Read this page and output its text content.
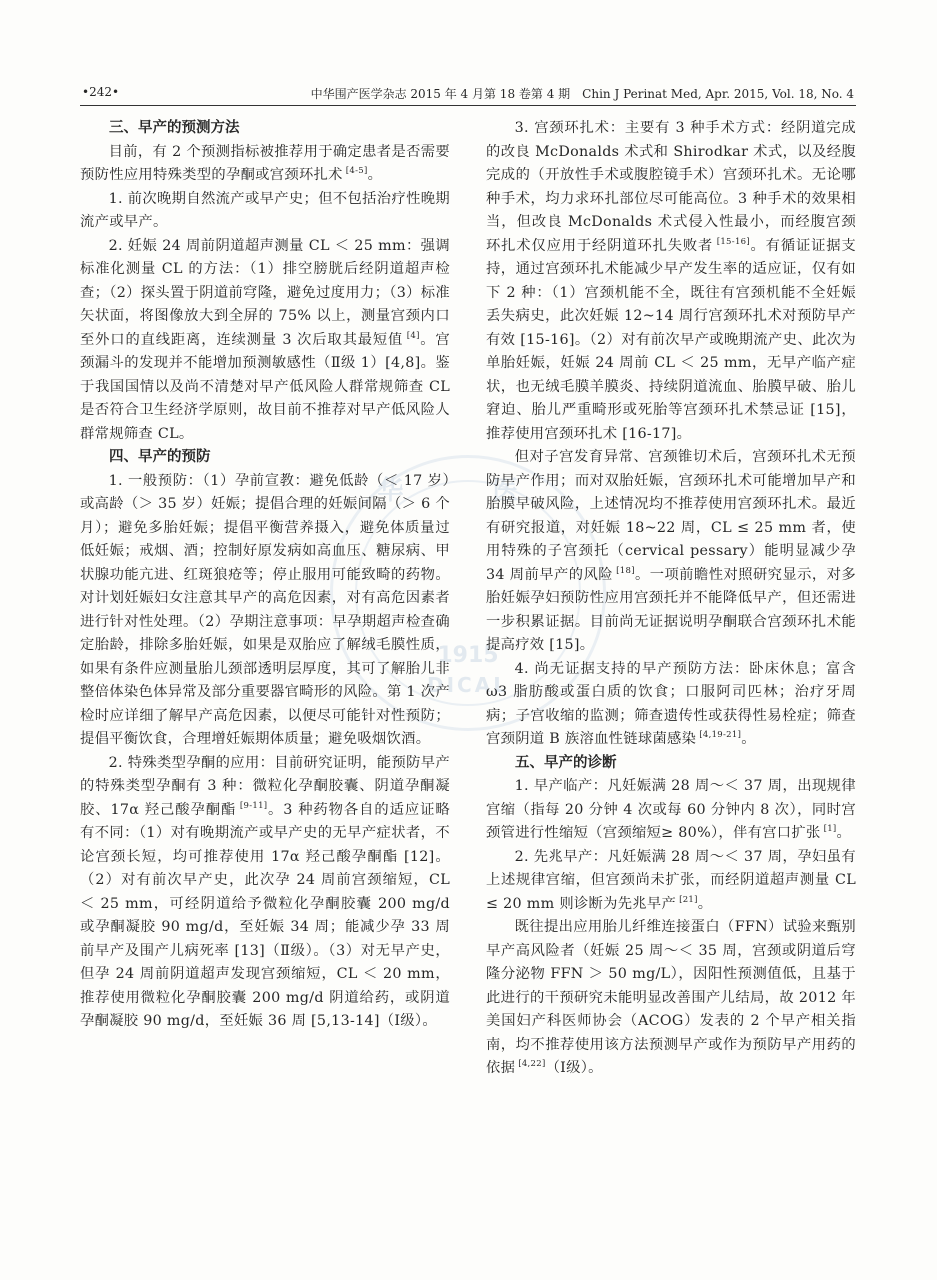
华 医
1915
DICAL
•242•	中华围产医学杂志 2015 年 4 月第 18 卷第 4 期　Chin J Perinat Med, Apr. 2015, Vol. 18, No. 4
三、早产的预测方法

目前，有 2 个预测指标被推荐用于确定患者是否需要预防性应用特殊类型的孕酮或宫颈环扎术 [4-5]。

1. 前次晚期自然流产或早产史；但不包括治疗性晚期流产或早产。

2. 妊娠 24 周前阴道超声测量 CL ＜ 25 mm：强调标准化测量 CL 的方法：（1）排空膀胱后经阴道超声检查；（2）探头置于阴道前穹隆，避免过度用力；（3）标准矢状面，将图像放大到全屏的 75% 以上，测量宫颈内口至外口的直线距离，连续测量 3 次后取其最短值 [4]。宫颈漏斗的发现并不能增加预测敏感性（Ⅱ级 1）[4,8]。鉴于我国国情以及尚不清楚对早产低风险人群常规筛查 CL 是否符合卫生经济学原则，故目前不推荐对早产低风险人群常规筛查 CL。

四、早产的预防

1. 一般预防：（1）孕前宣教：避免低龄（＜ 17 岁）或高龄（＞ 35 岁）妊娠；提倡合理的妊娠间隔（＞ 6 个月）；避免多胎妊娠；提倡平衡营养摄入，避免体质量过低妊娠；戒烟、酒；控制好原发病如高血压、糖尿病、甲状腺功能亢进、红斑狼疮等；停止服用可能致畸的药物。对计划妊娠妇女注意其早产的高危因素，对有高危因素者进行针对性处理。（2）孕期注意事项：早孕期超声检查确定胎龄，排除多胎妊娠，如果是双胎应了解绒毛膜性质，如果有条件应测量胎儿颈部透明层厚度，其可了解胎儿非整倍体染色体异常及部分重要器官畸形的风险。第 1 次产检时应详细了解早产高危因素，以便尽可能针对性预防；提倡平衡饮食，合理增妊娠期体质量；避免吸烟饮酒。

2. 特殊类型孕酮的应用：目前研究证明，能预防早产的特殊类型孕酮有 3 种：微粒化孕酮胶囊、阴道孕酮凝胶、17α 羟己酸孕酮酯 [9-11]。3 种药物各自的适应证略有不同：（1）对有晚期流产或早产史的无早产症状者，不论宫颈长短，均可推荐使用 17α 羟己酸孕酮酯 [12]。（2）对有前次早产史，此次孕 24 周前宫颈缩短，CL ＜ 25 mm，可经阴道给予微粒化孕酮胶囊 200 mg/d 或孕酮凝胶 90 mg/d，至妊娠 34 周；能减少孕 33 周前早产及围产儿病死率 [13]（Ⅱ级）。（3）对无早产史，但孕 24 周前阴道超声发现宫颈缩短，CL ＜ 20 mm，推荐使用微粒化孕酮胶囊 200 mg/d 阴道给药，或阴道孕酮凝胶 90 mg/d，至妊娠 36 周 [5,13-14]（Ⅰ级）。

3. 宫颈环扎术：主要有 3 种手术方式：经阴道完成的改良 McDonalds 术式和 Shirodkar 术式，以及经腹完成的（开放性手术或腹腔镜手术）宫颈环扎术。无论哪种手术，均力求环扎部位尽可能高位。3 种手术的效果相当，但改良 McDonalds 术式侵入性最小，而经腹宫颈环扎术仅应用于经阴道环扎失败者 [15-16]。有循证证据支持，通过宫颈环扎术能减少早产发生率的适应证，仅有如下 2 种：（1）宫颈机能不全，既往有宫颈机能不全妊娠丢失病史，此次妊娠 12~14 周行宫颈环扎术对预防早产有效 [15-16]。（2）对有前次早产或晚期流产史、此次为单胎妊娠，妊娠 24 周前 CL ＜ 25 mm，无早产临产症状，也无绒毛膜羊膜炎、持续阴道流血、胎膜早破、胎儿窘迫、胎儿严重畸形或死胎等宫颈环扎术禁忌证 [15]，推荐使用宫颈环扎术 [16-17]。

但对子宫发育异常、宫颈锥切术后，宫颈环扎术无预防早产作用；而对双胎妊娠，宫颈环扎术可能增加早产和胎膜早破风险，上述情况均不推荐使用宫颈环扎术。最近有研究报道，对妊娠 18~22 周，CL ≤ 25 mm 者，使用特殊的子宫颈托（cervical pessary）能明显减少孕 34 周前早产的风险 [18]。一项前瞻性对照研究显示，对多胎妊娠孕妇预防性应用宫颈托并不能降低早产，但还需进一步积累证据。目前尚无证据说明孕酮联合宫颈环扎术能提高疗效 [15]。

4. 尚无证据支持的早产预防方法：卧床休息；富含 ω3 脂肪酸或蛋白质的饮食；口服阿司匹林；治疗牙周病；子宫收缩的监测；筛查遗传性或获得性易栓症；筛查宫颈阴道 B 族溶血性链球菌感染 [4,19-21]。

五、早产的诊断

1. 早产临产：凡妊娠满 28 周～＜ 37 周，出现规律宫缩（指每 20 分钟 4 次或每 60 分钟内 8 次），同时宫颈管进行性缩短（宫颈缩短≥ 80%），伴有宫口扩张 [1]。

2. 先兆早产：凡妊娠满 28 周～＜ 37 周，孕妇虽有上述规律宫缩，但宫颈尚未扩张，而经阴道超声测量 CL ≤ 20 mm 则诊断为先兆早产 [21]。

既往提出应用胎儿纤维连接蛋白（FFN）试验来甄别早产高风险者（妊娠 25 周～＜ 35 周，宫颈或阴道后穹隆分泌物 FFN ＞ 50 mg/L），因阳性预测值低，且基于此进行的干预研究未能明显改善围产儿结局，故 2012 年美国妇产科医师协会（ACOG）发表的 2 个早产相关指南，均不推荐使用该方法预测早产或作为预防早产用药的依据 [4,22]（Ⅰ级）。
